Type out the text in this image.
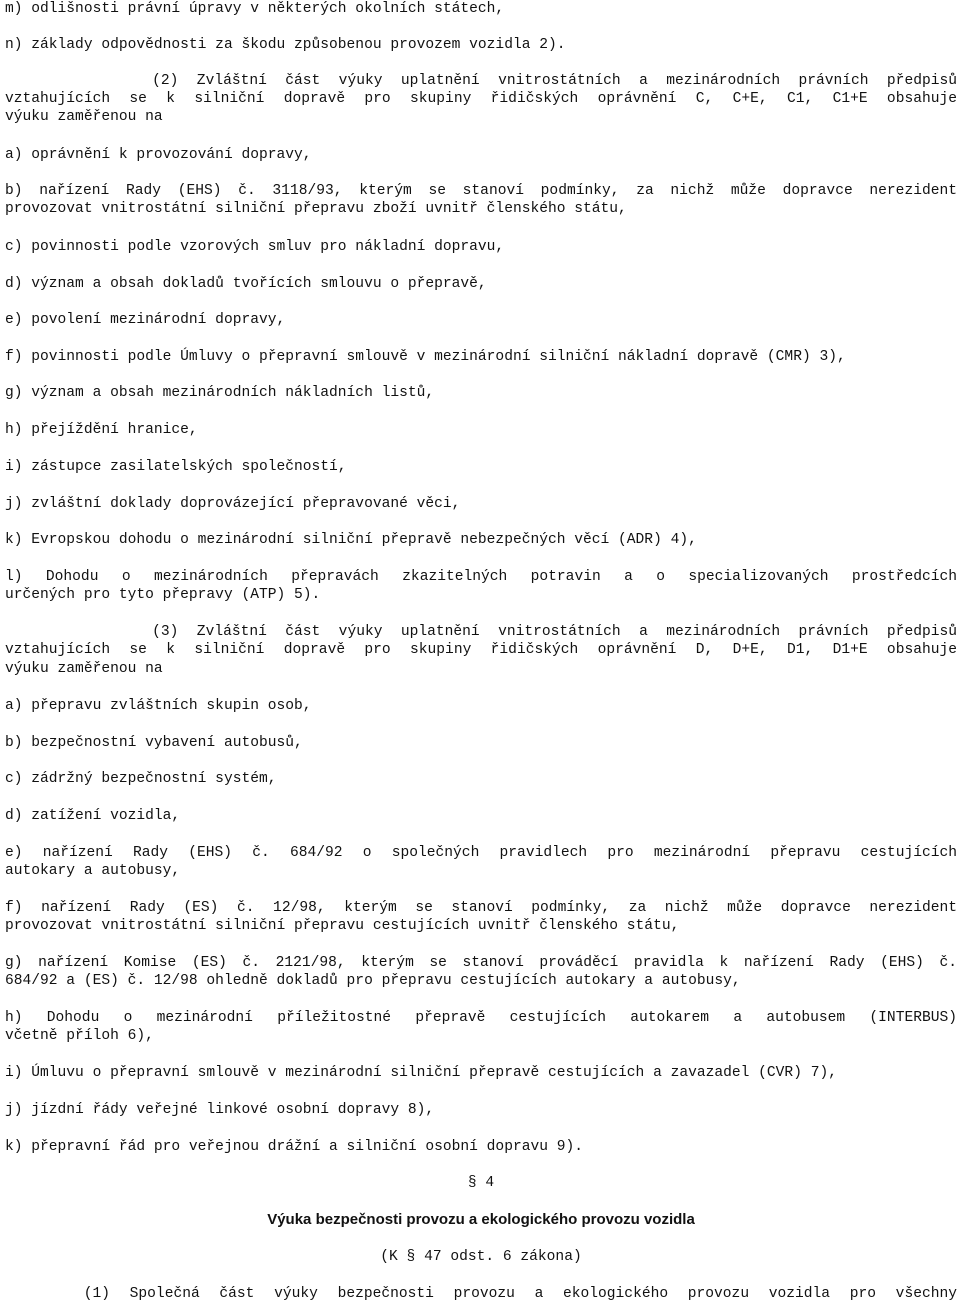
m) odlišnosti právní úpravy v některých okolních státech,
n) základy odpovědnosti za škodu způsobenou provozem vozidla 2).
(2) Zvláštní část výuky uplatnění vnitrostátních a mezinárodních právních předpisů
vztahujících se k silniční dopravě pro skupiny řidičských oprávnění C, C+E, C1, C1+E obsahuje
výuku zaměřenou na
a) oprávnění k provozování dopravy,
b) nařízení Rady (EHS) č. 3118/93, kterým se stanoví podmínky, za nichž může dopravce nerezident
provozovat vnitrostátní silniční přepravu zboží uvnitř členského státu,
c) povinnosti podle vzorových smluv pro nákladní dopravu,
d) význam a obsah dokladů tvořících smlouvu o přepravě,
e) povolení mezinárodní dopravy,
f) povinnosti podle Úmluvy o přepravní smlouvě v mezinárodní silniční nákladní dopravě (CMR) 3),
g) význam a obsah mezinárodních nákladních listů,
h) přejíždění hranice,
i) zástupce zasilatelských společností,
j) zvláštní doklady doprovázející přepravované věci,
k) Evropskou dohodu o mezinárodní silniční přepravě nebezpečných věcí (ADR) 4),
l) Dohodu o mezinárodních přepravách zkazitelných potravin a o specializovaných prostředcích
určených pro tyto přepravy (ATP) 5).
(3) Zvláštní část výuky uplatnění vnitrostátních a mezinárodních právních předpisů
vztahujících se k silniční dopravě pro skupiny řidičských oprávnění D, D+E, D1, D1+E obsahuje
výuku zaměřenou na
a) přepravu zvláštních skupin osob,
b) bezpečnostní vybavení autobusů,
c) zádržný bezpečnostní systém,
d) zatížení vozidla,
e) nařízení Rady (EHS) č. 684/92 o společných pravidlech pro mezinárodní přepravu cestujících
autokary a autobusy,
f) nařízení Rady (ES) č. 12/98, kterým se stanoví podmínky, za nichž může dopravce nerezident
provozovat vnitrostátní silniční přepravu cestujících uvnitř členského státu,
g) nařízení Komise (ES) č. 2121/98, kterým se stanoví prováděcí pravidla k nařízení Rady (EHS) č.
684/92 a (ES) č. 12/98 ohledně dokladů pro přepravu cestujících autokary a autobusy,
h) Dohodu o mezinárodní příležitostné přepravě cestujících autokarem a autobusem (INTERBUS)
včetně příloh 6),
i) Úmluvu o přepravní smlouvě v mezinárodní silniční přepravě cestujících a zavazadel (CVR) 7),
j) jízdní řády veřejné linkové osobní dopravy 8),
k) přepravní řád pro veřejnou drážní a silniční osobní dopravu 9).
§ 4
Výuka bezpečnosti provozu a ekologického provozu vozidla
(K § 47 odst. 6 zákona)
(1) Společná část výuky bezpečnosti provozu a ekologického provozu vozidla pro všechny
